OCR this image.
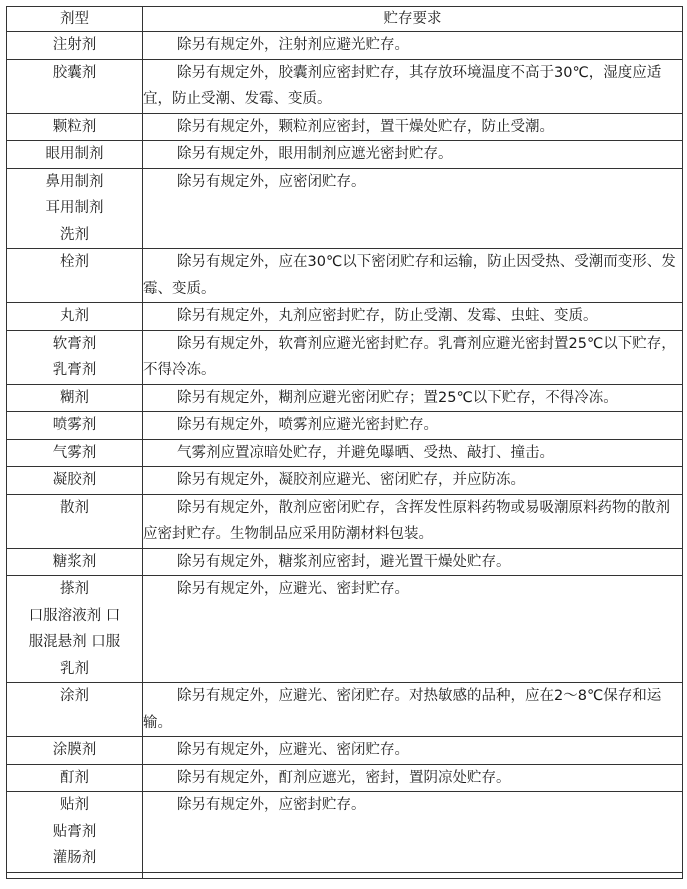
剂型	贮存要求

注射剂	除另有规定外，注射剂应避光贮存。

胶囊剂	除另有规定外，胶囊剂应密封贮存，其存放环境温度不高于30℃，湿度应适宜，防止受潮、发霉、变质。

颗粒剂	除另有规定外，颗粒剂应密封，置干燥处贮存，防止受潮。

眼用制剂	除另有规定外，眼用制剂应遮光密封贮存。

鼻用制剂
耳用制剂
洗剂	除另有规定外，应密闭贮存。

栓剂	除另有规定外，应在30℃以下密闭贮存和运输，防止因受热、受潮而变形、发霉、变质。

丸剂	除另有规定外，丸剂应密封贮存，防止受潮、发霉、虫蛀、变质。

软膏剂
乳膏剂	除另有规定外，软膏剂应避光密封贮存。乳膏剂应避光密封置25℃以下贮存，不得冷冻。

糊剂	除另有规定外，糊剂应避光密闭贮存；置25℃以下贮存，不得冷冻。

喷雾剂	除另有规定外，喷雾剂应避光密封贮存。

气雾剂	气雾剂应置凉暗处贮存，并避免曝晒、受热、敲打、撞击。

凝胶剂	除另有规定外，凝胶剂应避光、密闭贮存，并应防冻。

散剂	除另有规定外，散剂应密闭贮存，含挥发性原料药物或易吸潮原料药物的散剂应密封贮存。生物制品应采用防潮材料包装。

糖浆剂	除另有规定外，糖浆剂应密封，避光置干燥处贮存。

搽剂
口服溶液剂 口
服混悬剂 口服
乳剂	除另有规定外，应避光、密封贮存。

涂剂	除另有规定外，应避光、密闭贮存。对热敏感的品种，应在2～8℃保存和运输。

涂膜剂	除另有规定外，应避光、密闭贮存。

酊剂	除另有规定外，酊剂应遮光，密封，置阴凉处贮存。

贴剂
贴膏剂
灌肠剂	除另有规定外，应密封贮存。
